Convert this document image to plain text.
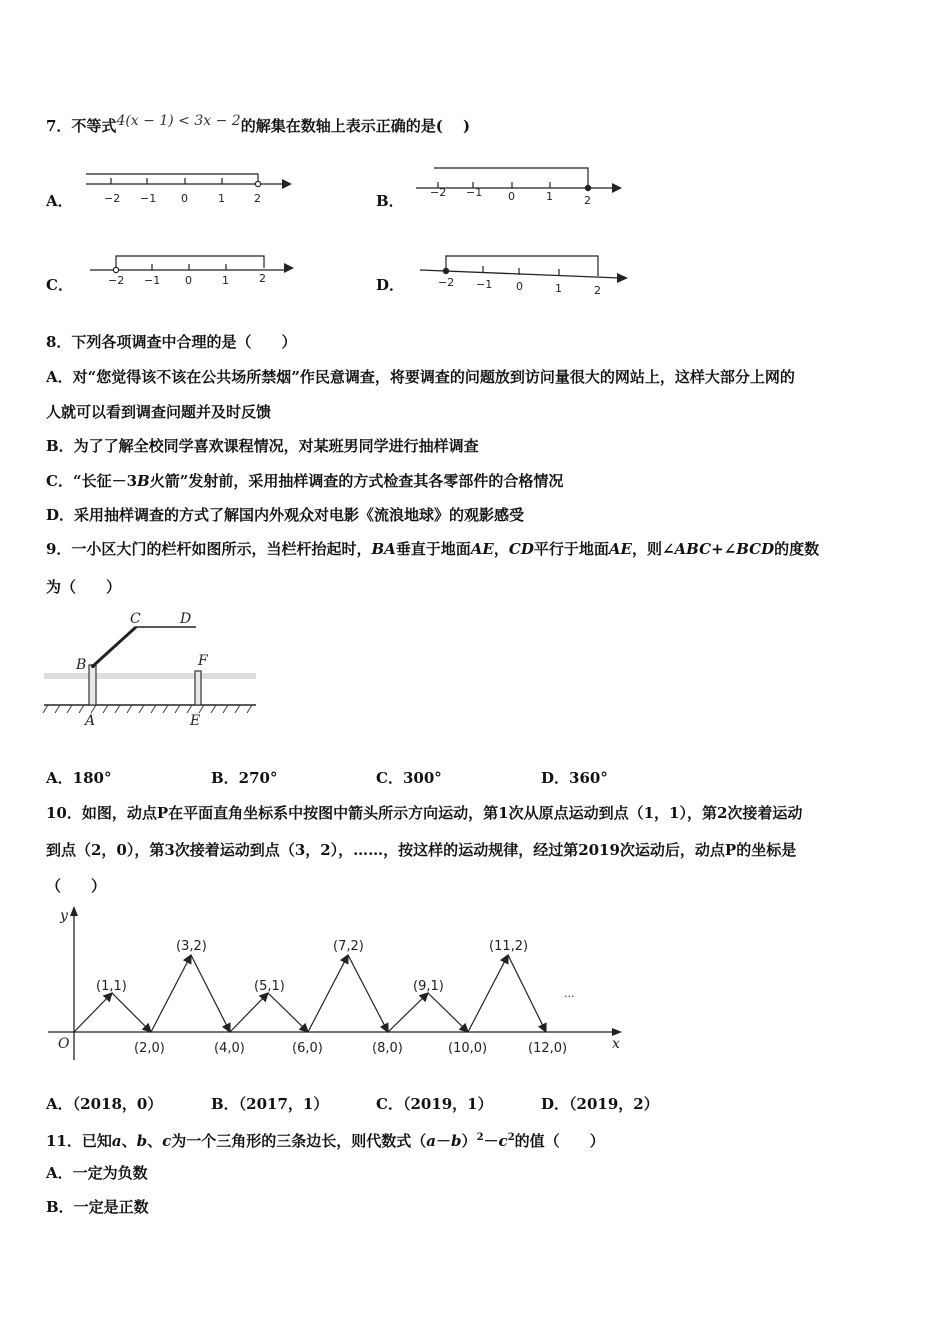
7．不等式4(x − 1) < 3x − 2的解集在数轴上表示正确的是(　 )
A．	−2 −1 0	1	2	B． −2 −1 0	1	2
C．	−2 −1 0	1	2	D．	−2 −1 0	1	2
8．下列各项调查中合理的是（　　）
A．对“您觉得该不该在公共场所禁烟”作民意调查，将要调查的问题放到访问量很大的网站上，这样大部分上网的
人就可以看到调查问题并及时反馈
B．为了了解全校同学喜欢课程情况，对某班男同学进行抽样调查
C．“长征－3B火箭”发射前，采用抽样调查的方式检查其各零部件的合格情况
D．采用抽样调查的方式了解国内外观众对电影《流浪地球》的观影感受
9．一小区大门的栏杆如图所示，当栏杆抬起时，BA垂直于地面AE，CD平行于地面AE，则∠ABC+∠BCD的度数
为（　　）
B
C	D
F
A	E
A．180°	B．270°	C．300°	D．360°
10．如图，动点P在平面直角坐标系中按图中箭头所示方向运动，第1次从原点运动到点（1，1），第2次接着运动
到点（2，0），第3次接着运动到点（3，2），……，按这样的运动规律，经过第2019次运动后，动点P的坐标是
（　　）
y
x
O
(1,1)
(3,2)
(5,1)
(7,2)
(9,1)
(11,2)
(2,0)	(4,0)	(6,0)	(8,0)	(10,0)	(12,0)
···
A．（2018，0）	B．（2017，1）	C．（2019，1）	D．（2019，2）
11．已知a、b、c为一个三角形的三条边长，则代数式$(a-b)^2-c^2$的值（　　）
A．一定为负数
B．一定是正数
